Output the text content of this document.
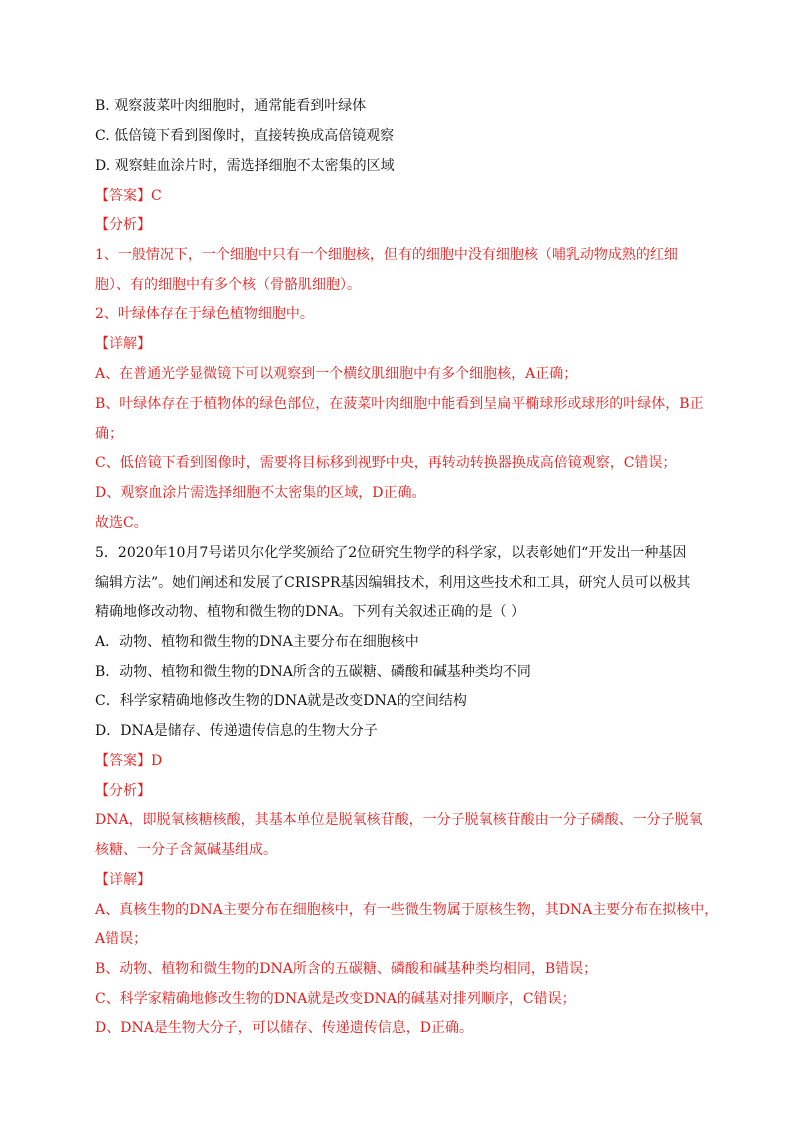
B. 观察菠菜叶肉细胞时，通常能看到叶绿体
C. 低倍镜下看到图像时，直接转换成高倍镜观察
D. 观察蛙血涂片时，需选择细胞不太密集的区域
【答案】C
【分析】
1、一般情况下，一个细胞中只有一个细胞核，但有的细胞中没有细胞核（哺乳动物成熟的红细
胞）、有的细胞中有多个核（骨骼肌细胞）。
2、叶绿体存在于绿色植物细胞中。
【详解】
A、在普通光学显微镜下可以观察到一个横纹肌细胞中有多个细胞核，A正确；
B、叶绿体存在于植物体的绿色部位，在菠菜叶肉细胞中能看到呈扁平椭球形或球形的叶绿体，B正
确；
C、低倍镜下看到图像时，需要将目标移到视野中央，再转动转换器换成高倍镜观察，C错误；
D、观察血涂片需选择细胞不太密集的区域，D正确。
故选C。
5．2020年10月7号诺贝尔化学奖颁给了2位研究生物学的科学家，以表彰她们“开发出一种基因
编辑方法”。她们阐述和发展了CRISPR基因编辑技术，利用这些技术和工具，研究人员可以极其
精确地修改动物、植物和微生物的DNA。下列有关叙述正确的是（ ）
A．动物、植物和微生物的DNA主要分布在细胞核中
B．动物、植物和微生物的DNA所含的五碳糖、磷酸和碱基种类均不同
C．科学家精确地修改生物的DNA就是改变DNA的空间结构
D．DNA是储存、传递遗传信息的生物大分子
【答案】D
【分析】
DNA，即脱氧核糖核酸，其基本单位是脱氧核苷酸，一分子脱氧核苷酸由一分子磷酸、一分子脱氧
核糖、一分子含氮碱基组成。
【详解】
A、真核生物的DNA主要分布在细胞核中，有一些微生物属于原核生物，其DNA主要分布在拟核中，
A错误；
B、动物、植物和微生物的DNA所含的五碳糖、磷酸和碱基种类均相同，B错误；
C、科学家精确地修改生物的DNA就是改变DNA的碱基对排列顺序，C错误；
D、DNA是生物大分子，可以储存、传递遗传信息，D正确。
